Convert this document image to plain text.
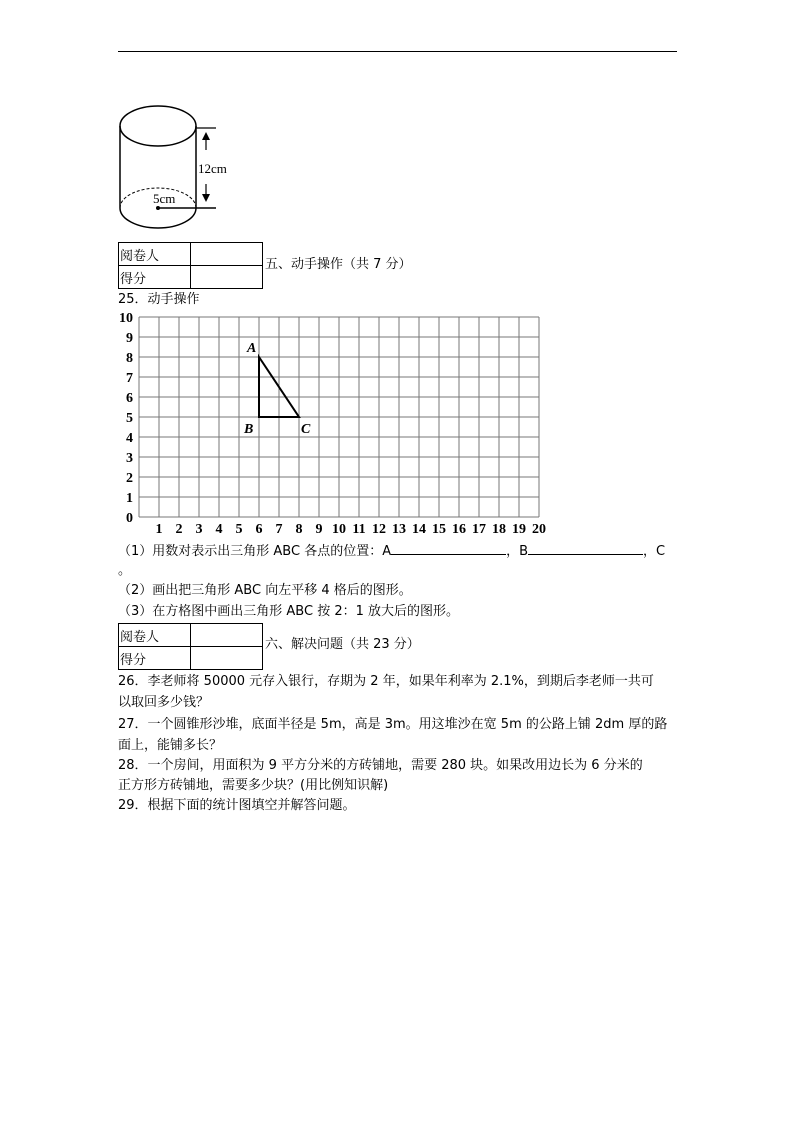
12cm
5cm
阅卷人	
得分	
五、动手操作（共 7 分）
25．动手操作
1 2 3 4 5 6 7 8 9 10 11 12 13 14 15 16 17 18 19 20
0
1
2
3
4
5
6
7
8
9
10
A
B	C
（1）用数对表示出三角形 ABC 各点的位置：A	，B	，C
。
（2）画出把三角形 ABC 向左平移 4 格后的图形。
（3）在方格图中画出三角形 ABC 按 2：1 放大后的图形。
阅卷人	
得分	
六、解决问题（共 23 分）
26．李老师将 50000 元存入银行，存期为 2 年，如果年利率为 2.1%，到期后李老师一共可
以取回多少钱？
27．一个圆锥形沙堆，底面半径是 5m，高是 3m。用这堆沙在宽 5m 的公路上铺 2dm 厚的路
面上，能铺多长？
28．一个房间，用面积为 9 平方分米的方砖铺地，需要 280 块。如果改用边长为 6 分米的
正方形方砖铺地，需要多少块？(用比例知识解)
29．根据下面的统计图填空并解答问题。
